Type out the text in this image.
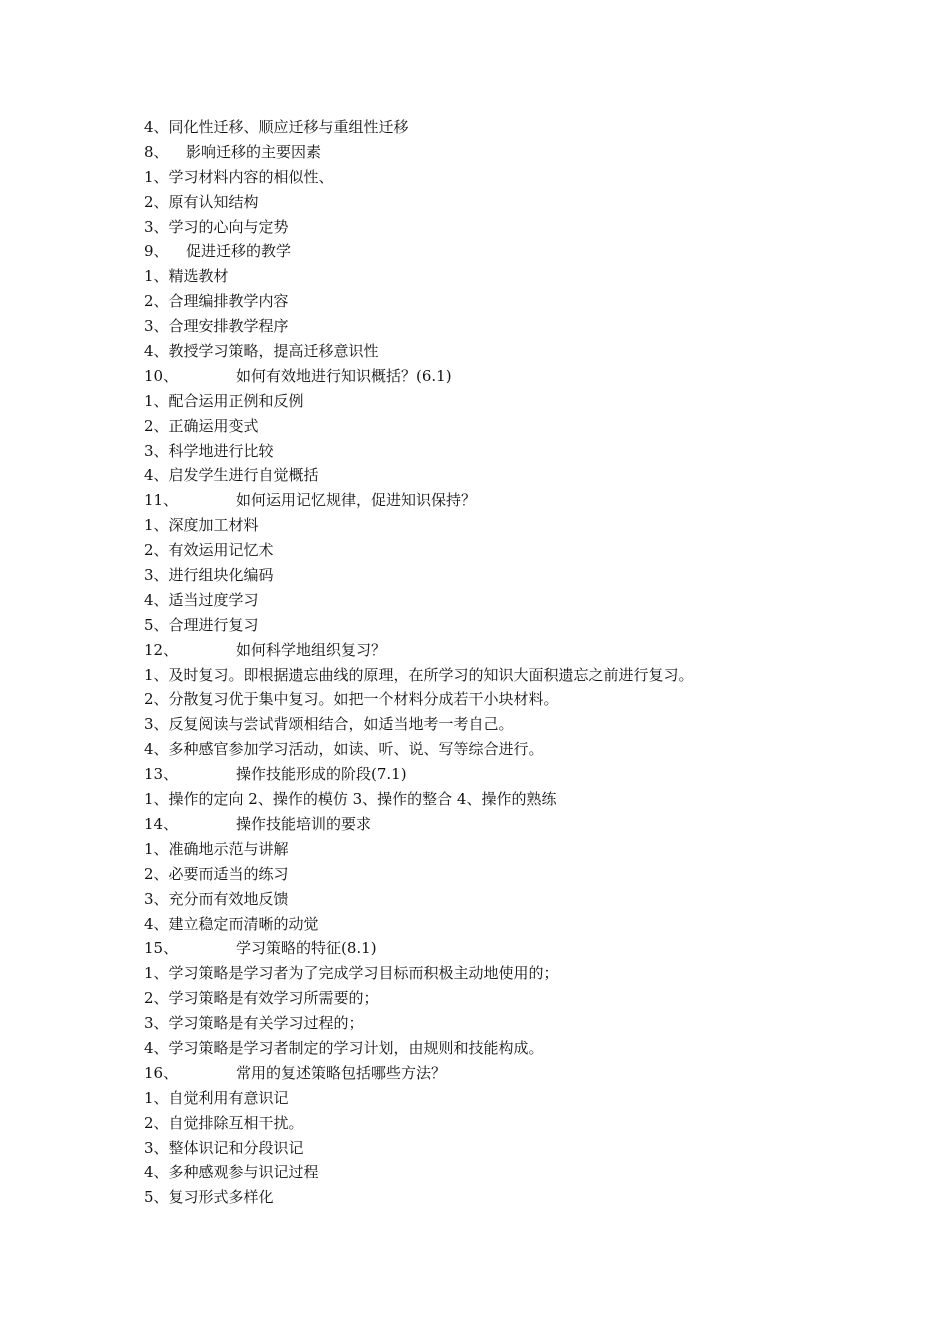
4、同化性迁移、顺应迁移与重组性迁移
8、 影响迁移的主要因素
1、学习材料内容的相似性、
2、原有认知结构
3、学习的心向与定势
9、 促进迁移的教学
1、精选教材
2、合理编排教学内容
3、合理安排教学程序
4、教授学习策略，提高迁移意识性
10、	如何有效地进行知识概括？(6.1)
1、配合运用正例和反例
2、正确运用变式
3、科学地进行比较
4、启发学生进行自觉概括
11、	如何运用记忆规律，促进知识保持？
1、深度加工材料
2、有效运用记忆术
3、进行组块化编码
4、适当过度学习
5、合理进行复习
12、	如何科学地组织复习？
1、及时复习。即根据遗忘曲线的原理，在所学习的知识大面积遗忘之前进行复习。
2、分散复习优于集中复习。如把一个材料分成若干小块材料。
3、反复阅读与尝试背颂相结合，如适当地考一考自己。
4、多种感官参加学习活动，如读、听、说、写等综合进行。
13、	操作技能形成的阶段(7.1)
1、操作的定向 2、操作的模仿 3、操作的整合 4、操作的熟练
14、	操作技能培训的要求
1、准确地示范与讲解
2、必要而适当的练习
3、充分而有效地反馈
4、建立稳定而清晰的动觉
15、	学习策略的特征(8.1)
1、学习策略是学习者为了完成学习目标而积极主动地使用的；
2、学习策略是有效学习所需要的；
3、学习策略是有关学习过程的；
4、学习策略是学习者制定的学习计划，由规则和技能构成。
16、	常用的复述策略包括哪些方法？
1、自觉利用有意识记
2、自觉排除互相干扰。
3、整体识记和分段识记
4、多种感观参与识记过程
5、复习形式多样化
